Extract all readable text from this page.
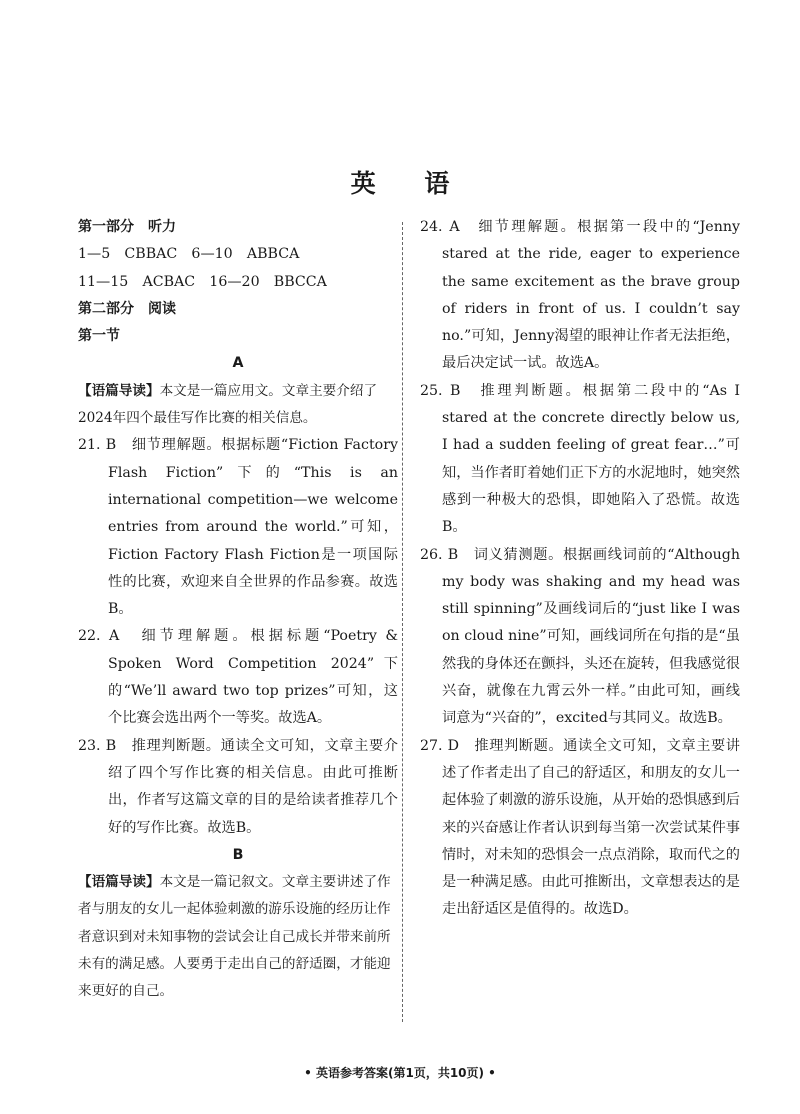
英 语
第一部分　听力
1—5　CBBAC　6—10　ABBCA
11—15　ACBAC　16—20　BBCCA
第二部分　阅读
第一节
A
【语篇导读】本文是一篇应用文。文章主要介绍了2024年四个最佳写作比赛的相关信息。
21. B　细节理解题。根据标题“Fiction Factory Flash Fiction”下的“This is an international competition—we welcome entries from around the world.”可知，Fiction Factory Flash Fiction是一项国际性的比赛，欢迎来自全世界的作品参赛。故选B。
22. A　细节理解题。根据标题“Poetry & Spoken Word Competition 2024”下的“We’ll award two top prizes”可知，这个比赛会选出两个一等奖。故选A。
23. B　推理判断题。通读全文可知，文章主要介绍了四个写作比赛的相关信息。由此可推断出，作者写这篇文章的目的是给读者推荐几个好的写作比赛。故选B。
B
【语篇导读】本文是一篇记叙文。文章主要讲述了作者与朋友的女儿一起体验刺激的游乐设施的经历让作者意识到对未知事物的尝试会让自己成长并带来前所未有的满足感。人要勇于走出自己的舒适圈，才能迎来更好的自己。
24. A　细节理解题。根据第一段中的“Jenny stared at the ride, eager to experience the same excitement as the brave group of riders in front of us. I couldn’t say no.”可知，Jenny渴望的眼神让作者无法拒绝，最后决定试一试。故选A。
25. B　推理判断题。根据第二段中的“As I stared at the concrete directly below us, I had a sudden feeling of great fear…”可知，当作者盯着她们正下方的水泥地时，她突然感到一种极大的恐惧，即她陷入了恐慌。故选B。
26. B　词义猜测题。根据画线词前的“Although my body was shaking and my head was still spinning”及画线词后的“just like I was on cloud nine”可知，画线词所在句指的是“虽然我的身体还在颤抖，头还在旋转，但我感觉很兴奋，就像在九霄云外一样。”由此可知，画线词意为“兴奋的”，excited与其同义。故选B。
27. D　推理判断题。通读全文可知，文章主要讲述了作者走出了自己的舒适区，和朋友的女儿一起体验了刺激的游乐设施，从开始的恐惧感到后来的兴奋感让作者认识到每当第一次尝试某件事情时，对未知的恐惧会一点点消除，取而代之的是一种满足感。由此可推断出，文章想表达的是走出舒适区是值得的。故选D。
• 英语参考答案(第1页，共10页) •
